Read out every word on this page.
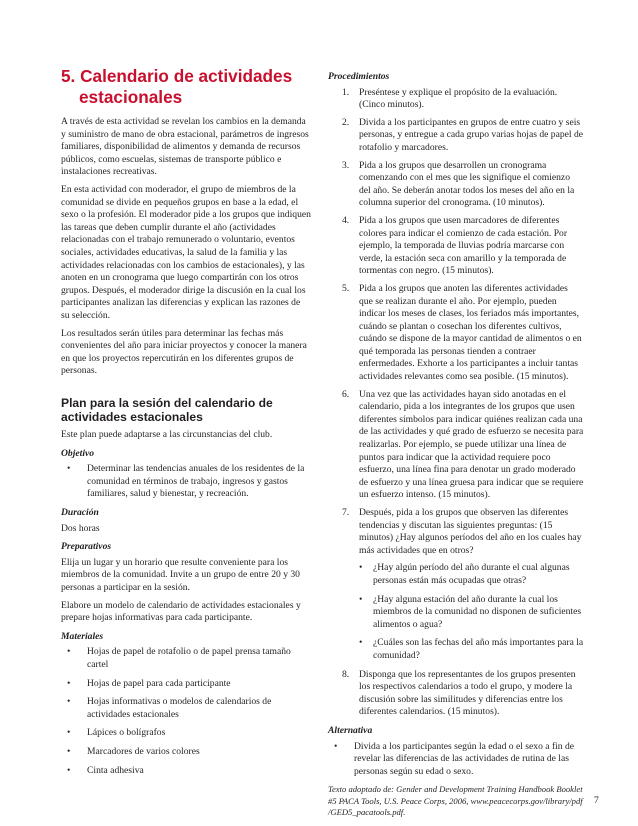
5. Calendario de actividades
estacionales

A través de esta actividad se revelan los cambios en la demanda y suministro de mano de obra estacional, parámetros de ingresos familiares, disponibilidad de alimentos y demanda de recursos públicos, como escuelas, sistemas de transporte público e instalaciones recreativas.

En esta actividad con moderador, el grupo de miembros de la comunidad se divide en pequeños grupos en base a la edad, el sexo o la profesión. El moderador pide a los grupos que indiquen las tareas que deben cumplir durante el año (actividades relacionadas con el trabajo remunerado o voluntario, eventos sociales, actividades educativas, la salud de la familia y las actividades relacionadas con los cambios de estacionales), y las anoten en un cronograma que luego compartirán con los otros grupos. Después, el moderador dirige la discusión en la cual los participantes analizan las diferencias y explican las razones de su selección.

Los resultados serán útiles para determinar las fechas más convenientes del año para iniciar proyectos y conocer la manera en que los proyectos repercutirán en los diferentes grupos de personas.

Plan para la sesión del calendario de actividades estacionales

Este plan puede adaptarse a las circunstancias del club.

Objetivo
• Determinar las tendencias anuales de los residentes de la comunidad en términos de trabajo, ingresos y gastos familiares, salud y bienestar, y recreación.
Duración

Dos horas

Preparativos

Elija un lugar y un horario que resulte conveniente para los miembros de la comunidad. Invite a un grupo de entre 20 y 30 personas a participar en la sesión.

Elabore un modelo de calendario de actividades estacionales y prepare hojas informativas para cada participante.

Materiales
• Hojas de papel de rotafolio o de papel prensa tamaño cartel
• Hojas de papel para cada participante
• Hojas informativas o modelos de calendarios de actividades estacionales
• Lápices o bolígrafos
• Marcadores de varios colores
• Cinta adhesiva
Procedimientos
1. Preséntese y explique el propósito de la evaluación. (Cinco minutos).
2. Divida a los participantes en grupos de entre cuatro y seis personas, y entregue a cada grupo varias hojas de papel de rotafolio y marcadores.
3. Pida a los grupos que desarrollen un cronograma comenzando con el mes que les signifique el comienzo del año. Se deberán anotar todos los meses del año en la columna superior del cronograma. (10 minutos).
4. Pida a los grupos que usen marcadores de diferentes colores para indicar el comienzo de cada estación. Por ejemplo, la temporada de lluvias podría marcarse con verde, la estación seca con amarillo y la temporada de tormentas con negro. (15 minutos).
5. Pida a los grupos que anoten las diferentes actividades que se realizan durante el año. Por ejemplo, pueden indicar los meses de clases, los feriados más importantes, cuándo se plantan o cosechan los diferentes cultivos, cuándo se dispone de la mayor cantidad de alimentos o en qué temporada las personas tienden a contraer enfermedades. Exhorte a los participantes a incluir tantas actividades relevantes como sea posible. (15 minutos).
6. Una vez que las actividades hayan sido anotadas en el calendario, pida a los integrantes de los grupos que usen diferentes símbolos para indicar quiénes realizan cada una de las actividades y qué grado de esfuerzo se necesita para realizarlas. Por ejemplo, se puede utilizar una línea de puntos para indicar que la actividad requiere poco esfuerzo, una línea fina para denotar un grado moderado de esfuerzo y una línea gruesa para indicar que se requiere un esfuerzo intenso. (15 minutos).
7. Después, pida a los grupos que observen las diferentes tendencias y discutan las siguientes preguntas: (15 minutos) ¿Hay algunos períodos del año en los cuales hay más actividades que en otros?
• ¿Hay algún período del año durante el cual algunas personas están más ocupadas que otras?
• ¿Hay alguna estación del año durante la cual los miembros de la comunidad no disponen de suficientes alimentos o agua?
• ¿Cuáles son las fechas del año más importantes para la comunidad?
8. Disponga que los representantes de los grupos presenten los respectivos calendarios a todo el grupo, y modere la discusión sobre las similitudes y diferencias entre los diferentes calendarios. (15 minutos).
Alternativa
• Divida a los participantes según la edad o el sexo a fin de revelar las diferencias de las actividades de rutina de las personas según su edad o sexo.

Texto adoptado de: Gender and Development Training Handbook Booklet #5 PACA Tools, U.S. Peace Corps, 2006, www.peacecorps.gov/library/pdf /GED5_pacatools.pdf.

7
